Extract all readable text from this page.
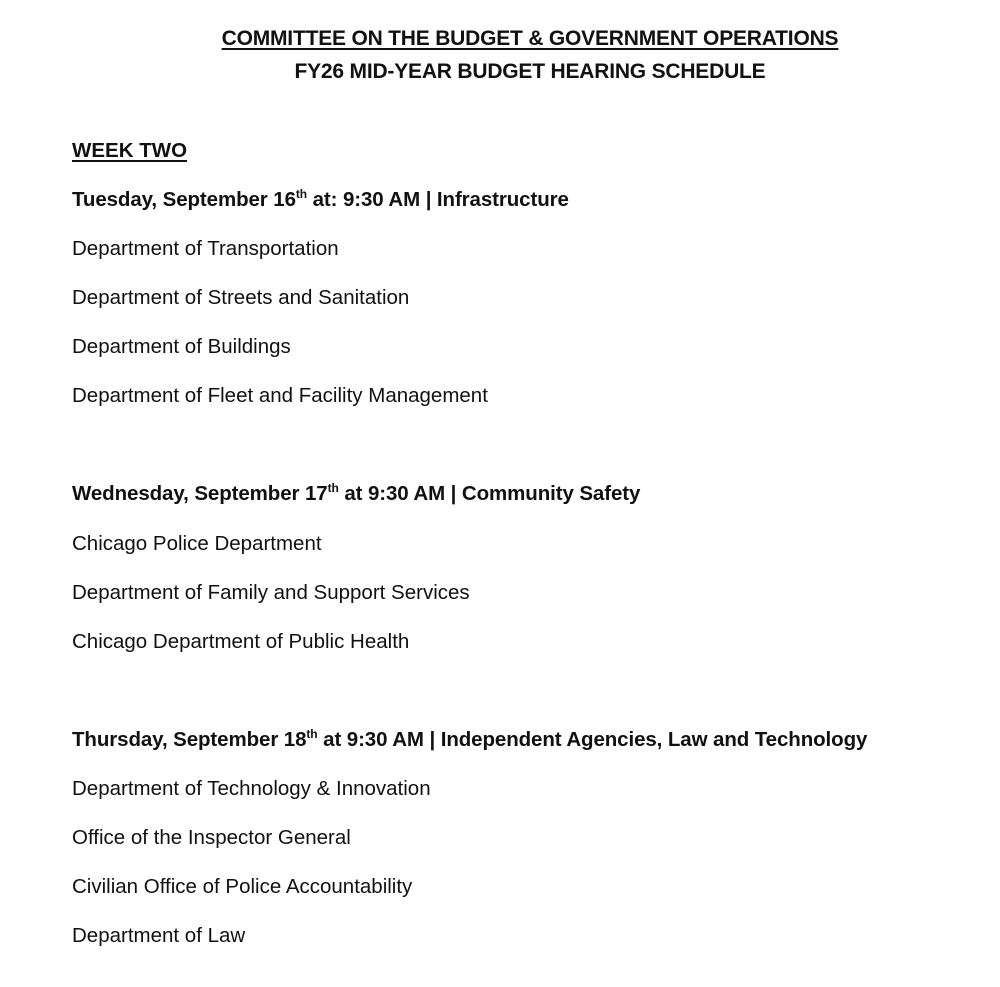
COMMITTEE ON THE BUDGET & GOVERNMENT OPERATIONS
FY26 MID-YEAR BUDGET HEARING SCHEDULE
WEEK TWO
Tuesday, September 16th at: 9:30 AM | Infrastructure
Department of Transportation
Department of Streets and Sanitation
Department of Buildings
Department of Fleet and Facility Management
Wednesday, September 17th at 9:30 AM | Community Safety
Chicago Police Department
Department of Family and Support Services
Chicago Department of Public Health
Thursday, September 18th at 9:30 AM | Independent Agencies, Law and Technology
Department of Technology & Innovation
Office of the Inspector General
Civilian Office of Police Accountability
Department of Law
